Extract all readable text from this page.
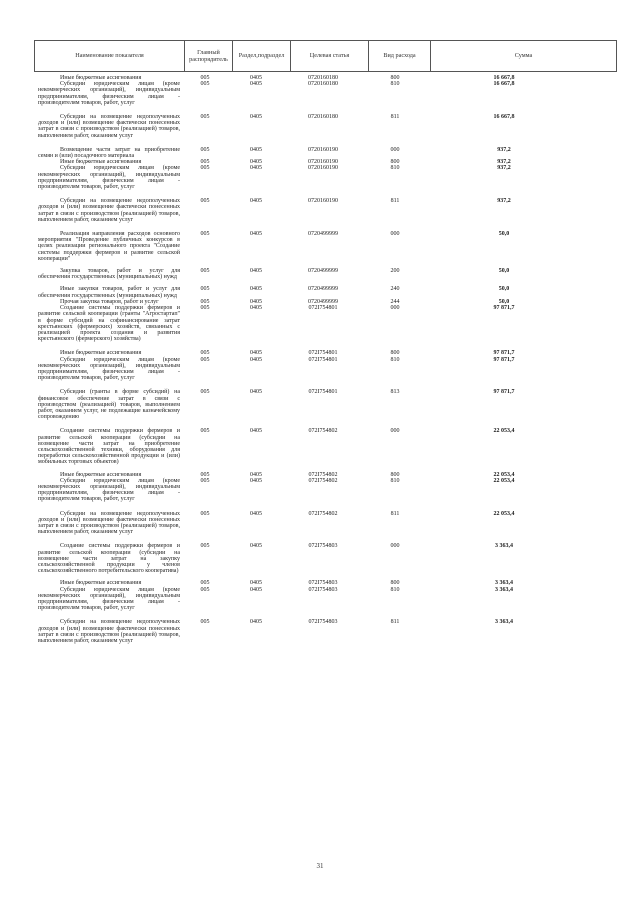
Наименование показателя	Главный распорядитель	Раздел,подраздел	Целевая статья	Вид расхода	Сумма
Иные бюджетные ассигнования	005	0405	0720160180	800	16 667,8
Субсидии юридическим лицам (кроме некоммерческих организаций), индивидуальным предпринимателям, физическим лицам - производителям товаров, работ, услуг
005	0405	0720160180	810	16 667,8
Субсидии на возмещение недополученных доходов и (или) возмещение фактически понесенных затрат в связи с производством (реализацией) товаров, выполнением работ, оказанием услуг
005	0405	0720160180	811	16 667,8
Возмещение части затрат на приобретение семян и (или) посадочного материала
005	0405	0720160190	000	937,2
Иные бюджетные ассигнования	005	0405	0720160190	800	937,2
Субсидии юридическим лицам (кроме некоммерческих организаций), индивидуальным предпринимателям, физическим лицам - производителям товаров, работ, услуг
005	0405	0720160190	810	937,2
Субсидии на возмещение недополученных доходов и (или) возмещение фактически понесенных затрат в связи с производством (реализацией) товаров, выполнением работ, оказанием услуг
005	0405	0720160190	811	937,2
Реализация направления расходов основного мероприятия "Проведение публичных конкурсов в целях реализации регионального проекта "Создание системы поддержки фермеров и развитие сельской кооперации"
005	0405	0720499999	000	50,0
Закупка товаров, работ и услуг для обеспечения государственных (муниципальных) нужд
005	0405	0720499999	200	50,0
Иные закупки товаров, работ и услуг для обеспечения государственных (муниципальных) нужд
005	0405	0720499999	240	50,0
Прочая закупка товаров, работ и услуг	005	0405	0720499999	244	50,0
Создание системы поддержки фермеров и развитие сельской кооперации (гранты "Агростартап" в форме субсидий на софинансирование затрат крестьянских (фермерских) хозяйств, связанных с реализацией проекта создания и развития крестьянского (фермерского) хозяйства)
005	0405	072I754801	000	97 871,7
Иные бюджетные ассигнования	005	0405	072I754801	800	97 871,7
Субсидии юридическим лицам (кроме некоммерческих организаций), индивидуальным предпринимателям, физическим лицам - производителям товаров, работ, услуг
005	0405	072I754801	810	97 871,7
Субсидии (гранты в форме субсидий) на финансовое обеспечение затрат в связи с производством (реализацией) товаров, выполнением работ, оказанием услуг, не подлежащие казначейскому сопровождению
005	0405	072I754801	813	97 871,7
Создание системы поддержки фермеров и развитие сельской кооперации (субсидии на возмещение части затрат на приобретение сельскохозяйственной техники, оборудования для переработки сельскохозяйственной продукции и (или) мобильных торговых объектов)
005	0405	072I754802	000	22 053,4
Иные бюджетные ассигнования	005	0405	072I754802	800	22 053,4
Субсидии юридическим лицам (кроме некоммерческих организаций), индивидуальным предпринимателям, физическим лицам - производителям товаров, работ, услуг
005	0405	072I754802	810	22 053,4
Субсидии на возмещение недополученных доходов и (или) возмещение фактически понесенных затрат в связи с производством (реализацией) товаров, выполнением работ, оказанием услуг
005	0405	072I754802	811	22 053,4
Создание системы поддержки фермеров и развитие сельской кооперации (субсидии на возмещение части затрат на закупку сельскохозяйственной продукции у членов сельскохозяйственного потребительского кооператива)
005	0405	072I754803	000	3 363,4
Иные бюджетные ассигнования	005	0405	072I754803	800	3 363,4
Субсидии юридическим лицам (кроме некоммерческих организаций), индивидуальным предпринимателям, физическим лицам - производителям товаров, работ, услуг
005	0405	072I754803	810	3 363,4
Субсидии на возмещение недополученных доходов и (или) возмещение фактически понесенных затрат в связи с производством (реализацией) товаров, выполнением работ, оказанием услуг
005	0405	072I754803	811	3 363,4
31
